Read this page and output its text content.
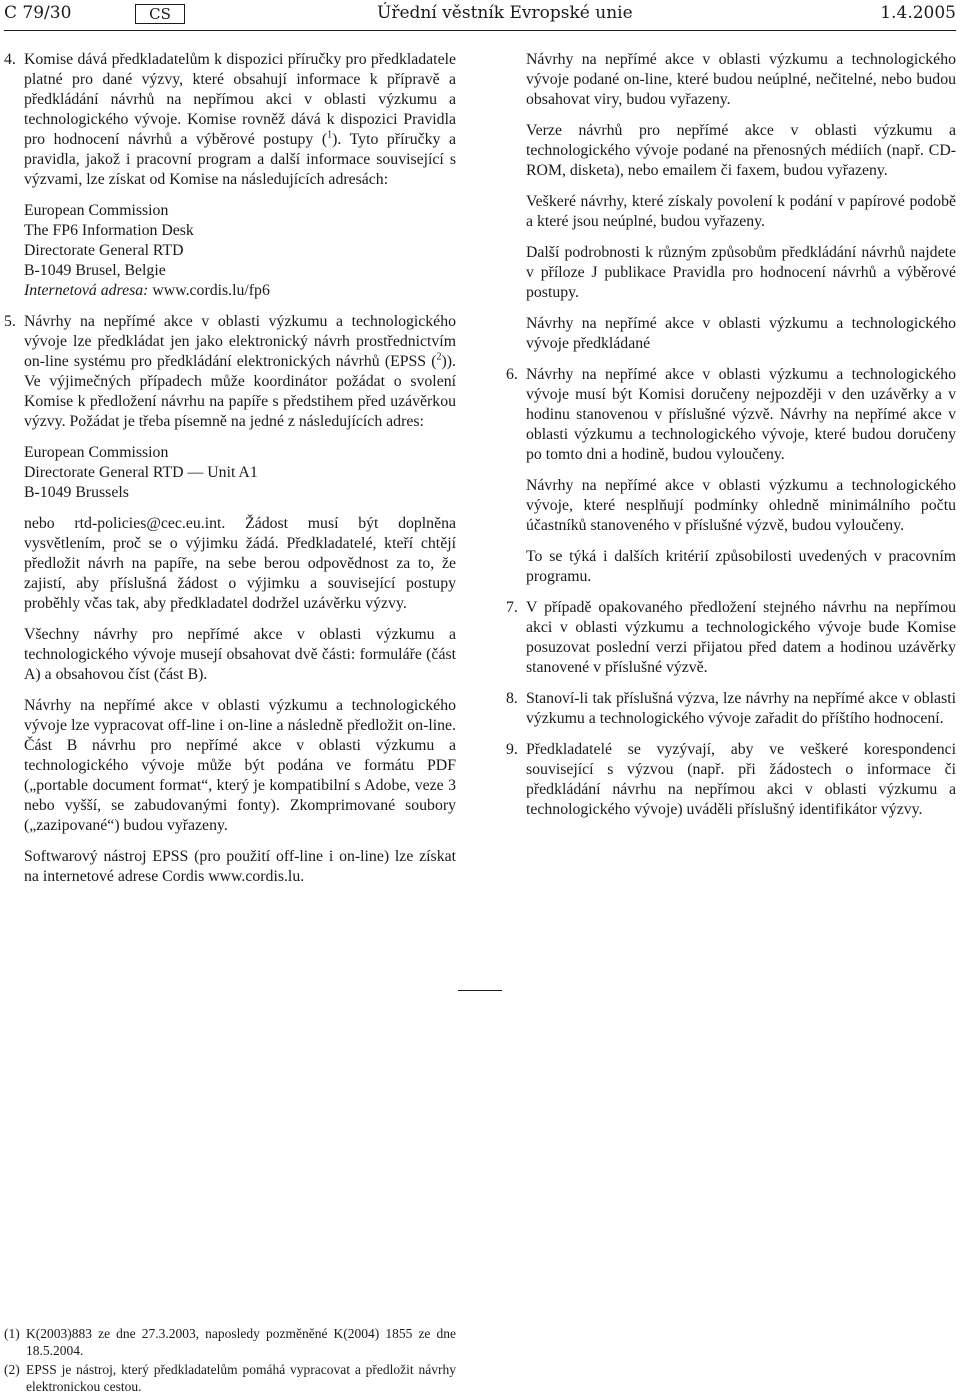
C 79/30	CS	Úřední věstník Evropské unie	1.4.2005

4. Komise dává předkladatelům k dispozici příručky pro předkladatele platné pro dané výzvy, které obsahují informace k přípravě a předkládání návrhů na nepřímou akci v oblasti výzkumu a technologického vývoje. Komise rovněž dává k dispozici Pravidla pro hodnocení návrhů a výběrové postupy ($^1$). Tyto příručky a pravidla, jakož i pracovní program a další informace související s výzvami, lze získat od Komise na následujících adresách:

European Commission
The FP6 Information Desk
Directorate General RTD
B-1049 Brusel, Belgie
Internetová adresa: www.cordis.lu/fp6

5. Návrhy na nepřímé akce v oblasti výzkumu a technologického vývoje lze předkládat jen jako elektronický návrh prostřednictvím on-line systému pro předkládání elektronických návrhů (EPSS ($^2$)). Ve výjimečných případech může koordinátor požádat o svolení Komise k předložení návrhu na papíře s předstihem před uzávěrkou výzvy. Požádat je třeba písemně na jedné z následujících adres:

European Commission
Directorate General RTD — Unit A1
B-1049 Brussels

nebo rtd-policies@cec.eu.int. Žádost musí být doplněna vysvětlením, proč se o výjimku žádá. Předkladatelé, kteří chtějí předložit návrh na papíře, na sebe berou odpovědnost za to, že zajistí, aby příslušná žádost o výjimku a související postupy proběhly včas tak, aby předkladatel dodržel uzávěrku výzvy.

Všechny návrhy pro nepřímé akce v oblasti výzkumu a technologického vývoje musejí obsahovat dvě části: formuláře (část A) a obsahovou číst (část B).

Návrhy na nepřímé akce v oblasti výzkumu a technologického vývoje lze vypracovat off-line i on-line a následně předložit on-line. Část B návrhu pro nepřímé akce v oblasti výzkumu a technologického vývoje může být podána ve formátu PDF („portable document format“, který je kompatibilní s Adobe, veze 3 nebo vyšší, se zabudovanými fonty). Zkomprimované soubory („zazipované“) budou vyřazeny.

Softwarový nástroj EPSS (pro použití off-line i on-line) lze získat na internetové adrese Cordis www.cordis.lu.

Návrhy na nepřímé akce v oblasti výzkumu a technologického vývoje podané on-line, které budou neúplné, nečitelné, nebo budou obsahovat viry, budou vyřazeny.

Verze návrhů pro nepřímé akce v oblasti výzkumu a technologického vývoje podané na přenosných médiích (např. CD-ROM, disketa), nebo emailem či faxem, budou vyřazeny.

Veškeré návrhy, které získaly povolení k podání v papírové podobě a které jsou neúplné, budou vyřazeny.

Další podrobnosti k různým způsobům předkládání návrhů najdete v příloze J publikace Pravidla pro hodnocení návrhů a výběrové postupy.

Návrhy na nepřímé akce v oblasti výzkumu a technologického vývoje předkládané

6. Návrhy na nepřímé akce v oblasti výzkumu a technologického vývoje musí být Komisi doručeny nejpozději v den uzávěrky a v hodinu stanovenou v příslušné výzvě. Návrhy na nepřímé akce v oblasti výzkumu a technologického vývoje, které budou doručeny po tomto dni a hodině, budou vyloučeny.

Návrhy na nepřímé akce v oblasti výzkumu a technologického vývoje, které nesplňují podmínky ohledně minimálního počtu účastníků stanoveného v příslušné výzvě, budou vyloučeny.

To se týká i dalších kritérií způsobilosti uvedených v pracovním programu.

7. V případě opakovaného předložení stejného návrhu na nepřímou akci v oblasti výzkumu a technologického vývoje bude Komise posuzovat poslední verzi přijatou před datem a hodinou uzávěrky stanovené v příslušné výzvě.

8. Stanoví-li tak příslušná výzva, lze návrhy na nepřímé akce v oblasti výzkumu a technologického vývoje zařadit do příštího hodnocení.

9. Předkladatelé se vyzývají, aby ve veškeré korespondenci související s výzvou (např. při žádostech o informace či předkládání návrhu na nepřímou akci v oblasti výzkumu a technologického vývoje) uváděli příslušný identifikátor výzvy.

(1) K(2003)883 ze dne 27.3.2003, naposledy pozměněné K(2004) 1855 ze dne 18.5.2004.
(2) EPSS je nástroj, který předkladatelům pomáhá vypracovat a předložit návrhy elektronickou cestou.
